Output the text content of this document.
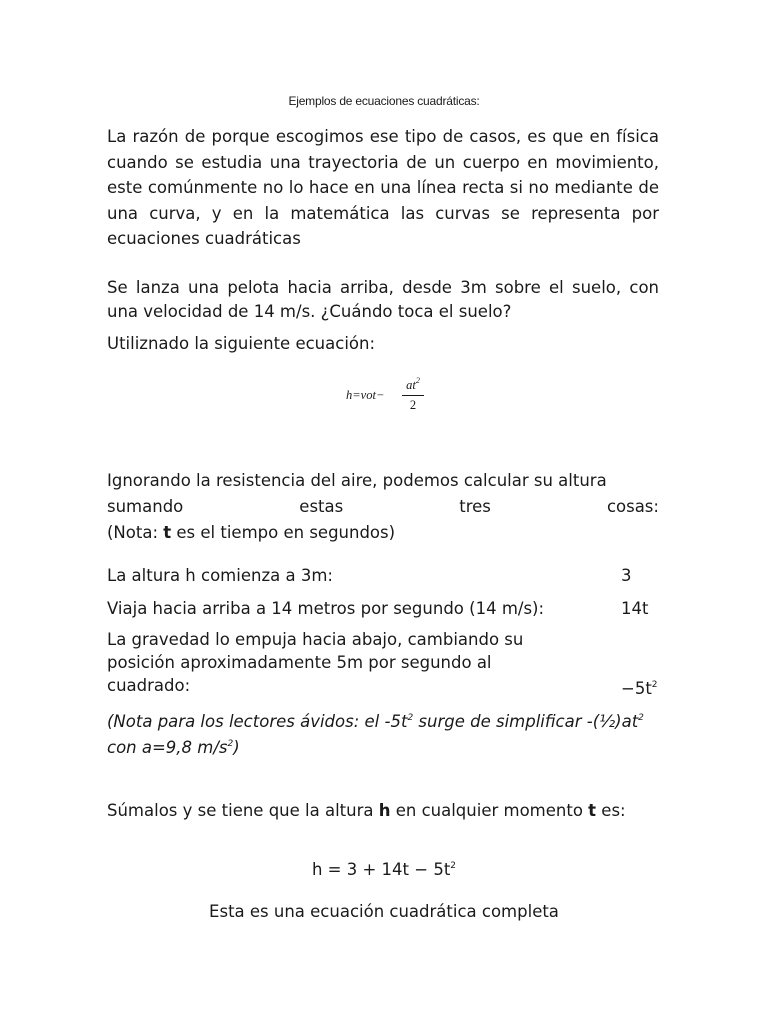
Ejemplos de ecuaciones cuadráticas:
La razón de porque escogimos ese tipo de casos, es que en física cuando se estudia una trayectoria de un cuerpo en movimiento, este comúnmente no lo hace en una línea recta si no mediante de una curva, y en la matemática las curvas se representa por ecuaciones cuadráticas
Se lanza una pelota hacia arriba, desde 3m sobre el suelo, con una velocidad de 14 m/s. ¿Cuándo toca el suelo?
Utiliznado la siguiente ecuación:
h=vot−
$at^2$
2
Ignorando la resistencia del aire, podemos calcular su altura
sumando	estas	tres	cosas:
(Nota: t es el tiempo en segundos)
La altura h comienza a 3m:	3
Viaja hacia arriba a 14 metros por segundo (14 m/s):	14t
La gravedad lo empuja hacia abajo, cambiando su posición aproximadamente 5m por segundo al cuadrado:	$-5t^2$
(Nota para los lectores ávidos: el $-5t^2$ surge de simplificar $-(\frac{1}{2})at^2$ con a=9,8 $m/s^2$)
Súmalos y se tiene que la altura h en cualquier momento t es:
$h = 3 + 14t - 5t^2$
Esta es una ecuación cuadrática completa
